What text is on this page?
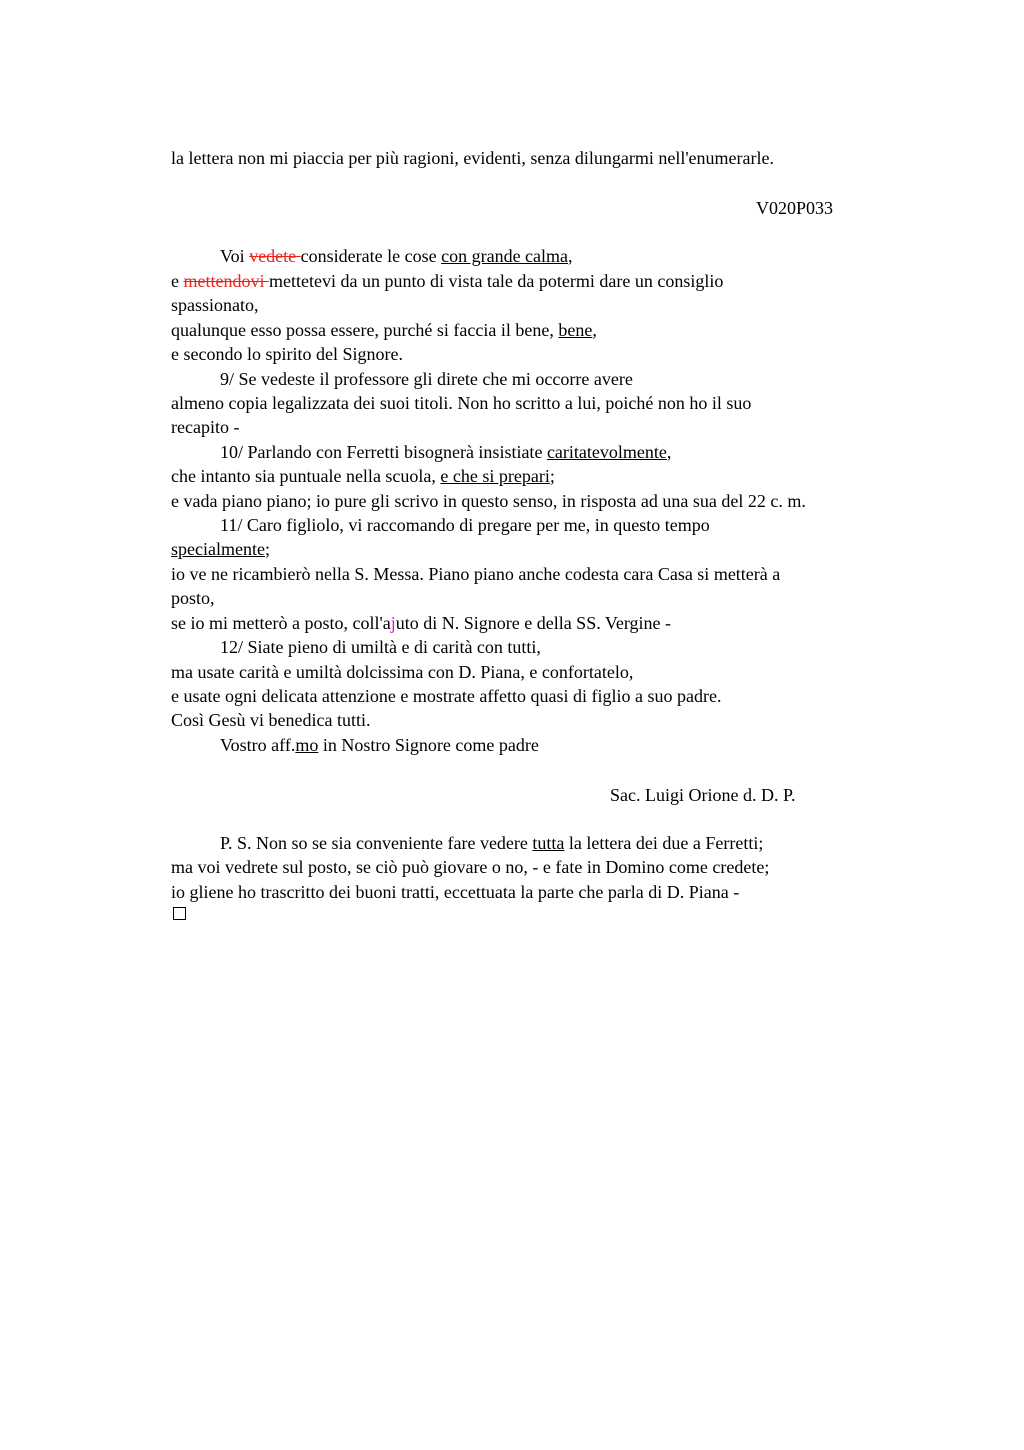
la lettera non mi piaccia per più ragioni, evidenti, senza dilungarmi nell'enumerarle.
V020P033
Voi vedete considerate le cose con grande calma,
e mettendovi mettetevi da un punto di vista tale da potermi dare un consiglio
spassionato,
qualunque esso possa essere, purché si faccia il bene, bene,
e secondo lo spirito del Signore.
9/ Se vedeste il professore gli direte che mi occorre avere
almeno copia legalizzata dei suoi titoli. Non ho scritto a lui, poiché non ho il suo
recapito -
10/ Parlando con Ferretti bisognerà insistiate caritatevolmente,
che intanto sia puntuale nella scuola, e che si prepari;
e vada piano piano; io pure gli scrivo in questo senso, in risposta ad una sua del 22 c. m.
11/ Caro figliolo, vi raccomando di pregare per me, in questo tempo
specialmente;
io ve ne ricambierò nella S. Messa. Piano piano anche codesta cara Casa si metterà a
posto,
se io mi metterò a posto, coll'ajuto di N. Signore e della SS. Vergine -
12/ Siate pieno di umiltà e di carità con tutti,
ma usate carità e umiltà dolcissima con D. Piana, e confortatelo,
e usate ogni delicata attenzione e mostrate affetto quasi di figlio a suo padre.
Così Gesù vi benedica tutti.
Vostro aff.mo in Nostro Signore come padre
Sac. Luigi Orione d. D. P.
P. S. Non so se sia conveniente fare vedere tutta la lettera dei due a Ferretti;
ma voi vedrete sul posto, se ciò può giovare o no, - e fate in Domino come credete;
io gliene ho trascritto dei buoni tratti, eccettuata la parte che parla di D. Piana -
